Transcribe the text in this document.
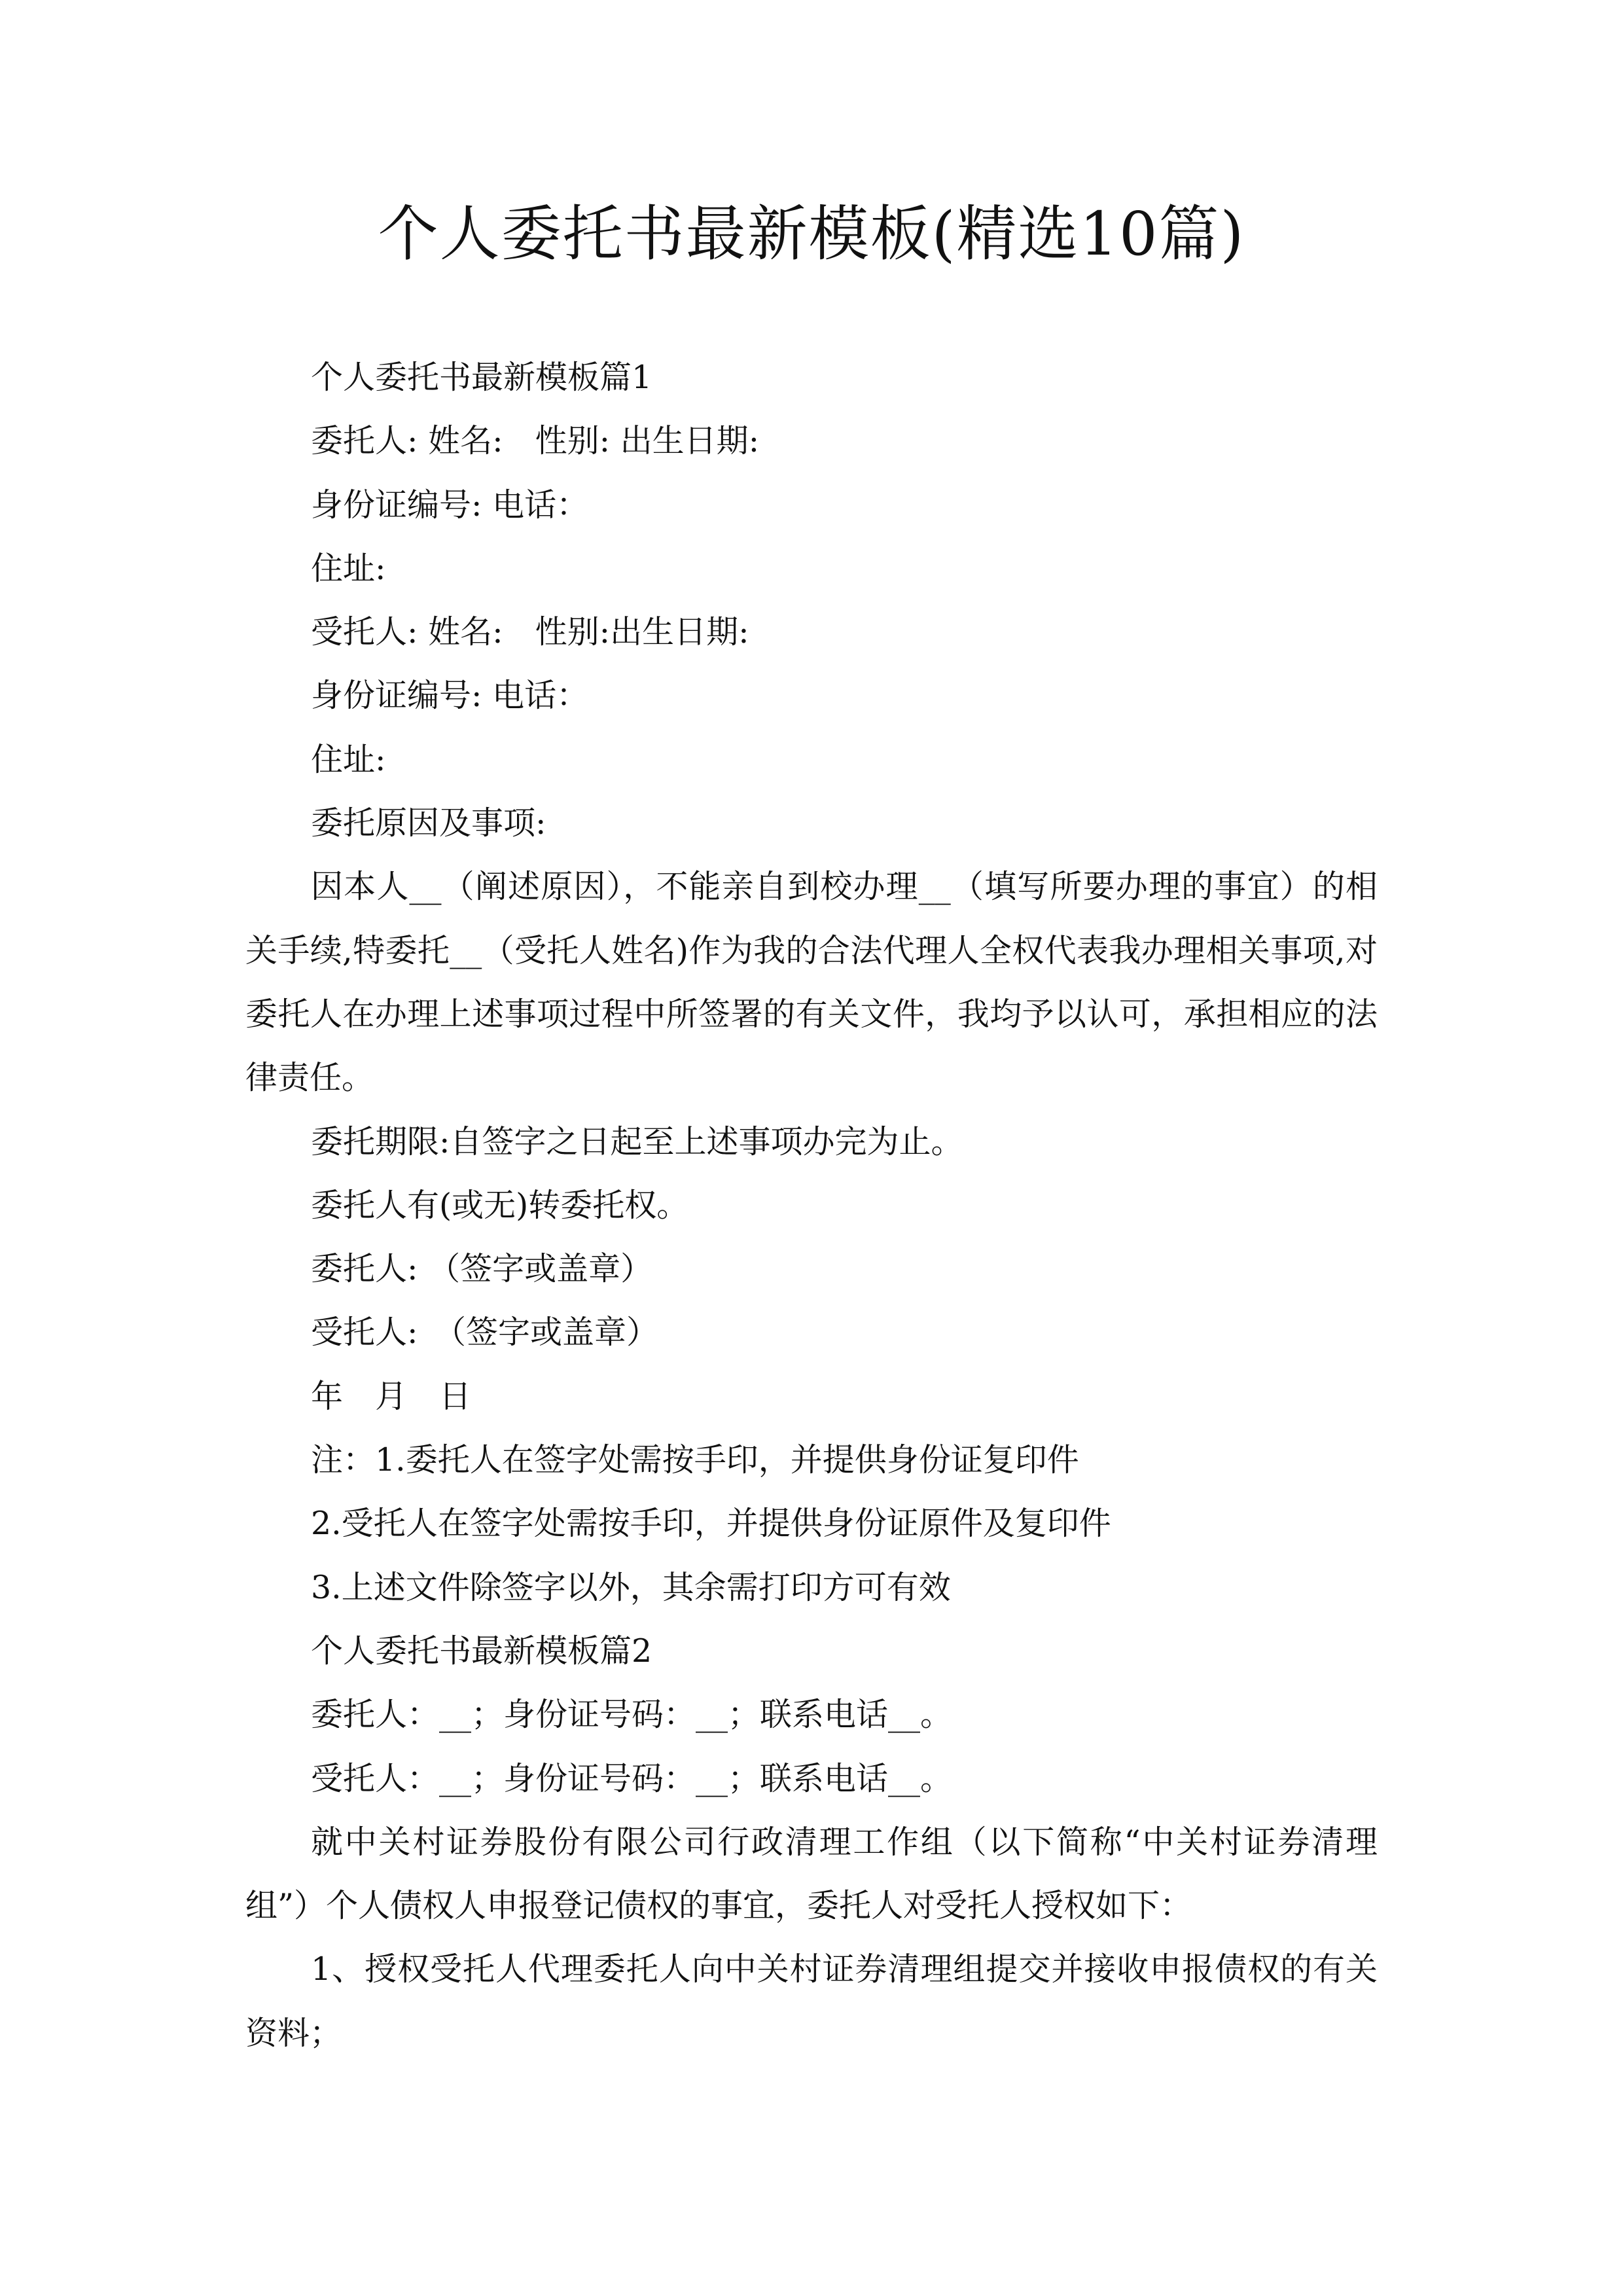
个人委托书最新模板(精选10篇)

个人委托书最新模板篇1

委托人: 姓名:　性别: 出生日期:

身份证编号: 电话：

住址:

受托人: 姓名:　性别:出生日期:

身份证编号: 电话：

住址:

委托原因及事项:

因本人__（阐述原因），不能亲自到校办理__（填写所要办理的事宜）的相关手续,特委托__（受托人姓名)作为我的合法代理人全权代表我办理相关事项,对委托人在办理上述事项过程中所签署的有关文件，我均予以认可，承担相应的法律责任。

委托期限:自签字之日起至上述事项办完为止。

委托人有(或无)转委托权。

委托人: （签字或盖章）

受托人:　（签字或盖章）

年　月　日

注：1.委托人在签字处需按手印，并提供身份证复印件

2.受托人在签字处需按手印，并提供身份证原件及复印件

3.上述文件除签字以外，其余需打印方可有效

个人委托书最新模板篇2

委托人：__；身份证号码：__；联系电话__。

受托人：__；身份证号码：__；联系电话__。

就中关村证券股份有限公司行政清理工作组（以下简称“中关村证券清理组”）个人债权人申报登记债权的事宜，委托人对受托人授权如下：

1、授权受托人代理委托人向中关村证券清理组提交并接收申报债权的有关资料；
